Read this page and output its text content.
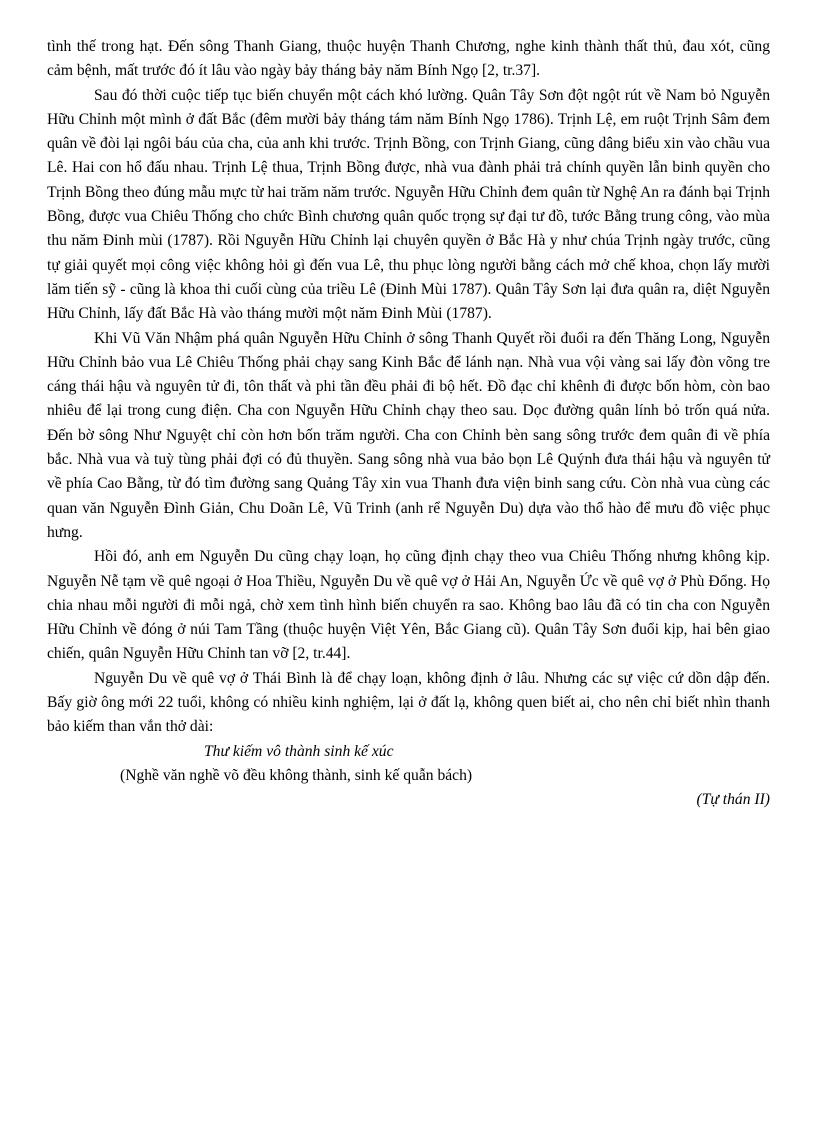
tình thế trong hạt. Đến sông Thanh Giang, thuộc huyện Thanh Chương, nghe kinh thành thất thủ, đau xót, cũng cảm bệnh, mất trước đó ít lâu vào ngày bảy tháng bảy năm Bính Ngọ [2, tr.37].

Sau đó thời cuộc tiếp tục biến chuyển một cách khó lường. Quân Tây Sơn đột ngột rút về Nam bỏ Nguyễn Hữu Chỉnh một mình ở đất Bắc (đêm mười bảy tháng tám năm Bính Ngọ 1786). Trịnh Lệ, em ruột Trịnh Sâm đem quân về đòi lại ngôi báu của cha, của anh khi trước. Trịnh Bồng, con Trịnh Giang, cũng dâng biểu xin vào chầu vua Lê. Hai con hổ đấu nhau. Trịnh Lệ thua, Trịnh Bồng được, nhà vua đành phải trả chính quyền lẫn binh quyền cho Trịnh Bồng theo đúng mẫu mực từ hai trăm năm trước. Nguyễn Hữu Chỉnh đem quân từ Nghệ An ra đánh bại Trịnh Bồng, được vua Chiêu Thống cho chức Bình chương quân quốc trọng sự đại tư đồ, tước Bằng trung công, vào mùa thu năm Đinh mùi (1787). Rồi Nguyễn Hữu Chỉnh lại chuyên quyền ở Bắc Hà y như chúa Trịnh ngày trước, cũng tự giải quyết mọi công việc không hỏi gì đến vua Lê, thu phục lòng người bằng cách mở chế khoa, chọn lấy mười lăm tiến sỹ - cũng là khoa thi cuối cùng của triều Lê (Đinh Mùi 1787). Quân Tây Sơn lại đưa quân ra, diệt Nguyễn Hữu Chỉnh, lấy đất Bắc Hà vào tháng mười một năm Đinh Mùi (1787).

Khi Vũ Văn Nhậm phá quân Nguyễn Hữu Chỉnh ở sông Thanh Quyết rồi đuổi ra đến Thăng Long, Nguyễn Hữu Chỉnh bảo vua Lê Chiêu Thống phải chạy sang Kinh Bắc để lánh nạn. Nhà vua vội vàng sai lấy đòn võng tre cáng thái hậu và nguyên tử đi, tôn thất và phi tần đều phải đi bộ hết. Đồ đạc chỉ khênh đi được bốn hòm, còn bao nhiêu để lại trong cung điện. Cha con Nguyễn Hữu Chỉnh chạy theo sau. Dọc đường quân lính bỏ trốn quá nửa. Đến bờ sông Như Nguyệt chỉ còn hơn bốn trăm người. Cha con Chỉnh bèn sang sông trước đem quân đi về phía bắc. Nhà vua và tuỳ tùng phải đợi có đủ thuyền. Sang sông nhà vua bảo bọn Lê Quýnh đưa thái hậu và nguyên tử về phía Cao Bằng, từ đó tìm đường sang Quảng Tây xin vua Thanh đưa viện binh sang cứu. Còn nhà vua cùng các quan văn Nguyễn Đình Giản, Chu Doãn Lê, Vũ Trinh (anh rể Nguyễn Du) dựa vào thổ hào để mưu đồ việc phục hưng.

Hồi đó, anh em Nguyễn Du cũng chạy loạn, họ cũng định chạy theo vua Chiêu Thống nhưng không kịp. Nguyễn Nễ tạm về quê ngoại ở Hoa Thiều, Nguyễn Du về quê vợ ở Hải An, Nguyễn Ức về quê vợ ở Phù Đổng. Họ chia nhau mỗi người đi mỗi ngả, chờ xem tình hình biến chuyển ra sao. Không bao lâu đã có tin cha con Nguyễn Hữu Chỉnh về đóng ở núi Tam Tầng (thuộc huyện Việt Yên, Bắc Giang cũ). Quân Tây Sơn đuổi kịp, hai bên giao chiến, quân Nguyễn Hữu Chỉnh tan vỡ [2, tr.44].

Nguyễn Du về quê vợ ở Thái Bình là để chạy loạn, không định ở lâu. Nhưng các sự việc cứ dồn dập đến. Bấy giờ ông mới 22 tuổi, không có nhiều kinh nghiệm, lại ở đất lạ, không quen biết ai, cho nên chỉ biết nhìn thanh bảo kiếm than vắn thở dài:

Thư kiếm vô thành sinh kế xúc

(Nghề văn nghề võ đều không thành, sinh kế quẫn bách)

(Tự thán II)
